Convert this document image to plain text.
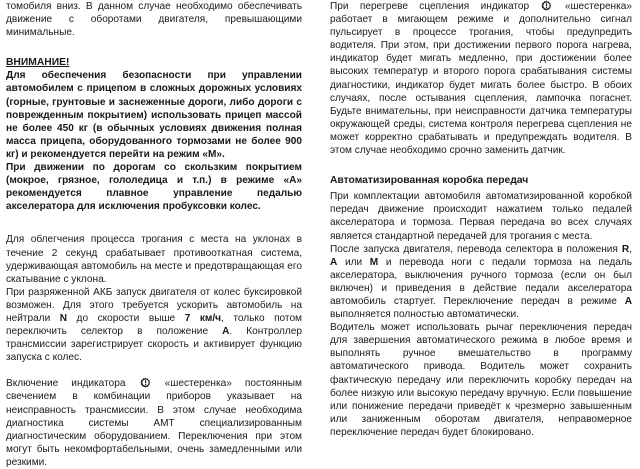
томобиля вниз. В данном случае необходимо обеспечивать движение с оборотами двигателя, превышающими минимальные.

ВНИМАНИЕ!

Для обеспечения безопасности при управлении автомобилем с прицепом в сложных дорожных условиях (горные, грунтовые и заснеженные дороги, либо дороги с поврежденным покрытием) использовать прицеп массой не более 450 кг (в обычных условиях движения полная масса прицепа, оборудованного тормозами не более 900 кг) и рекомендуется перейти на режим «M».

При движении по дорогам со скользким покрытием (мокрое, грязное, гололедица и т.п.) в режиме «A» рекомендуется плавное управление педалью акселератора для исключения пробуксовки колес.

Для облегчения процесса трогания с места на уклонах в течение 2 секунд срабатывает противооткатная система, удерживающая автомобиль на месте и предотвращающая его скатывание с уклона.

При разряженной АКБ запуск двигателя от колес буксировкой возможен. Для этого требуется ускорить автомобиль на нейтрали N до скорости выше 7 км/ч, только потом переключить селектор в положение A. Контроллер трансмиссии зарегистрирует скорость и активирует функцию запуска с колес.

Включение индикатора
«шестеренка» постоянным свечением в комбинации приборов указывает на неисправность трансмиссии. В этом случае необходима диагностика системы АМТ специализированным диагностическим оборудованием. Переключения при этом могут быть некомфортабельными, очень замедленными или резкими.

При перегреве сцепления индикатор
«шестеренка» работает в мигающем режиме и дополнительно сигнал пульсирует в процессе трогания, чтобы предупредить водителя. При этом, при достижении первого порога нагрева, индикатор будет мигать медленно, при достижении более высоких температур и второго порога срабатывания системы диагностики, индикатор будет мигать более быстро. В обоих случаях, после остывания сцепления, лампочка погаснет. Будьте внимательны, при неисправности датчика температуры окружающей среды, система контроля перегрева сцепления не может корректно срабатывать и предупреждать водителя. В этом случае необходимо срочно заменить датчик.

Автоматизированная коробка передач

При комплектации автомобиля автоматизированной коробкой передач движение происходит нажатием только педалей акселератора и тормоза. Первая передача во всех случаях является стандартной передачей для трогания с места.

После запуска двигателя, перевода селектора в положения R, A или M и перевода ноги с педали тормоза на педаль акселератора, выключения ручного тормоза (если он был включен) и приведения в действие педали акселератора автомобиль стартует. Переключение передач в режиме A выполняется полностью автоматически.

Водитель может использовать рычаг переключения передач для завершения автоматического режима в любое время и выполнять ручное вмешательство в программу автоматического привода. Водитель может сохранить фактическую передачу или переключить коробку передач на более низкую или высокую передачу вручную. Если повышение или понижение передачи приведёт к чрезмерно завышенным или заниженным оборотам двигателя, неправомерное переключение передач будет блокировано.
